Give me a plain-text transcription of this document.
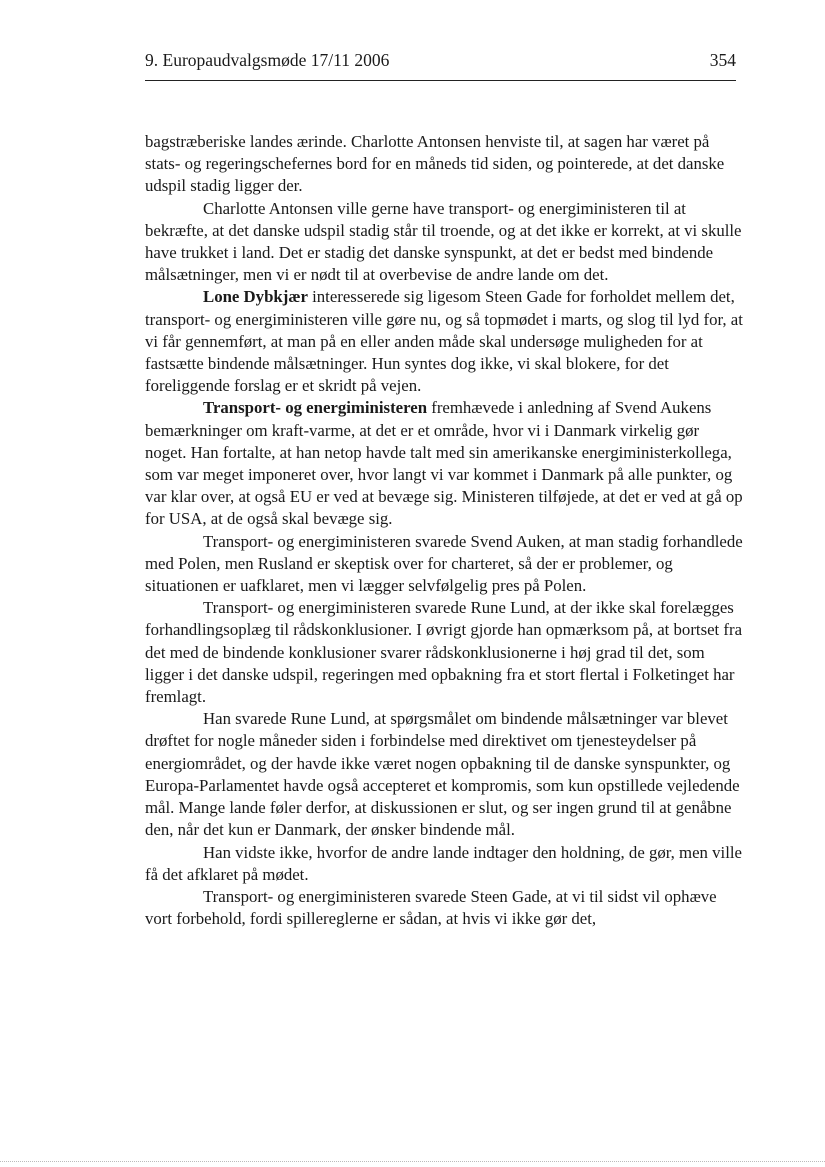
9. Europaudvalgsmøde 17/11 2006	354

bagstræberiske landes ærinde. Charlotte Antonsen henviste til, at sagen har været på stats- og regeringschefernes bord for en måneds tid siden, og pointerede, at det danske udspil stadig ligger der.

Charlotte Antonsen ville gerne have transport- og energiministeren til at bekræfte, at det danske udspil stadig står til troende, og at det ikke er korrekt, at vi skulle have trukket i land. Det er stadig det danske synspunkt, at det er bedst med bindende målsætninger, men vi er nødt til at overbevise de andre lande om det.

Lone Dybkjær interesserede sig ligesom Steen Gade for forholdet mellem det, transport- og energiministeren ville gøre nu, og så topmødet i marts, og slog til lyd for, at vi får gennemført, at man på en eller anden måde skal undersøge muligheden for at fastsætte bindende målsætninger. Hun syntes dog ikke, vi skal blokere, for det foreliggende forslag er et skridt på vejen.

Transport- og energiministeren fremhævede i anledning af Svend Aukens bemærkninger om kraft-varme, at det er et område, hvor vi i Danmark virkelig gør noget. Han fortalte, at han netop havde talt med sin amerikanske energiministerkollega, som var meget imponeret over, hvor langt vi var kommet i Danmark på alle punkter, og var klar over, at også EU er ved at bevæge sig. Ministeren tilføjede, at det er ved at gå op for USA, at de også skal bevæge sig.

Transport- og energiministeren svarede Svend Auken, at man stadig forhandlede med Polen, men Rusland er skeptisk over for charteret, så der er problemer, og situationen er uafklaret, men vi lægger selvfølgelig pres på Polen.

Transport- og energiministeren svarede Rune Lund, at der ikke skal forelægges forhandlingsoplæg til rådskonklusioner. I øvrigt gjorde han opmærksom på, at bortset fra det med de bindende konklusioner svarer rådskonklusionerne i høj grad til det, som ligger i det danske udspil, regeringen med opbakning fra et stort flertal i Folketinget har fremlagt.

Han svarede Rune Lund, at spørgsmålet om bindende målsætninger var blevet drøftet for nogle måneder siden i forbindelse med direktivet om tjenesteydelser på energiområdet, og der havde ikke været nogen opbakning til de danske synspunkter, og Europa-Parlamentet havde også accepteret et kompromis, som kun opstillede vejledende mål. Mange lande føler derfor, at diskussionen er slut, og ser ingen grund til at genåbne den, når det kun er Danmark, der ønsker bindende mål.

Han vidste ikke, hvorfor de andre lande indtager den holdning, de gør, men ville få det afklaret på mødet.

Transport- og energiministeren svarede Steen Gade, at vi til sidst vil ophæve vort forbehold, fordi spillereglerne er sådan, at hvis vi ikke gør det,
